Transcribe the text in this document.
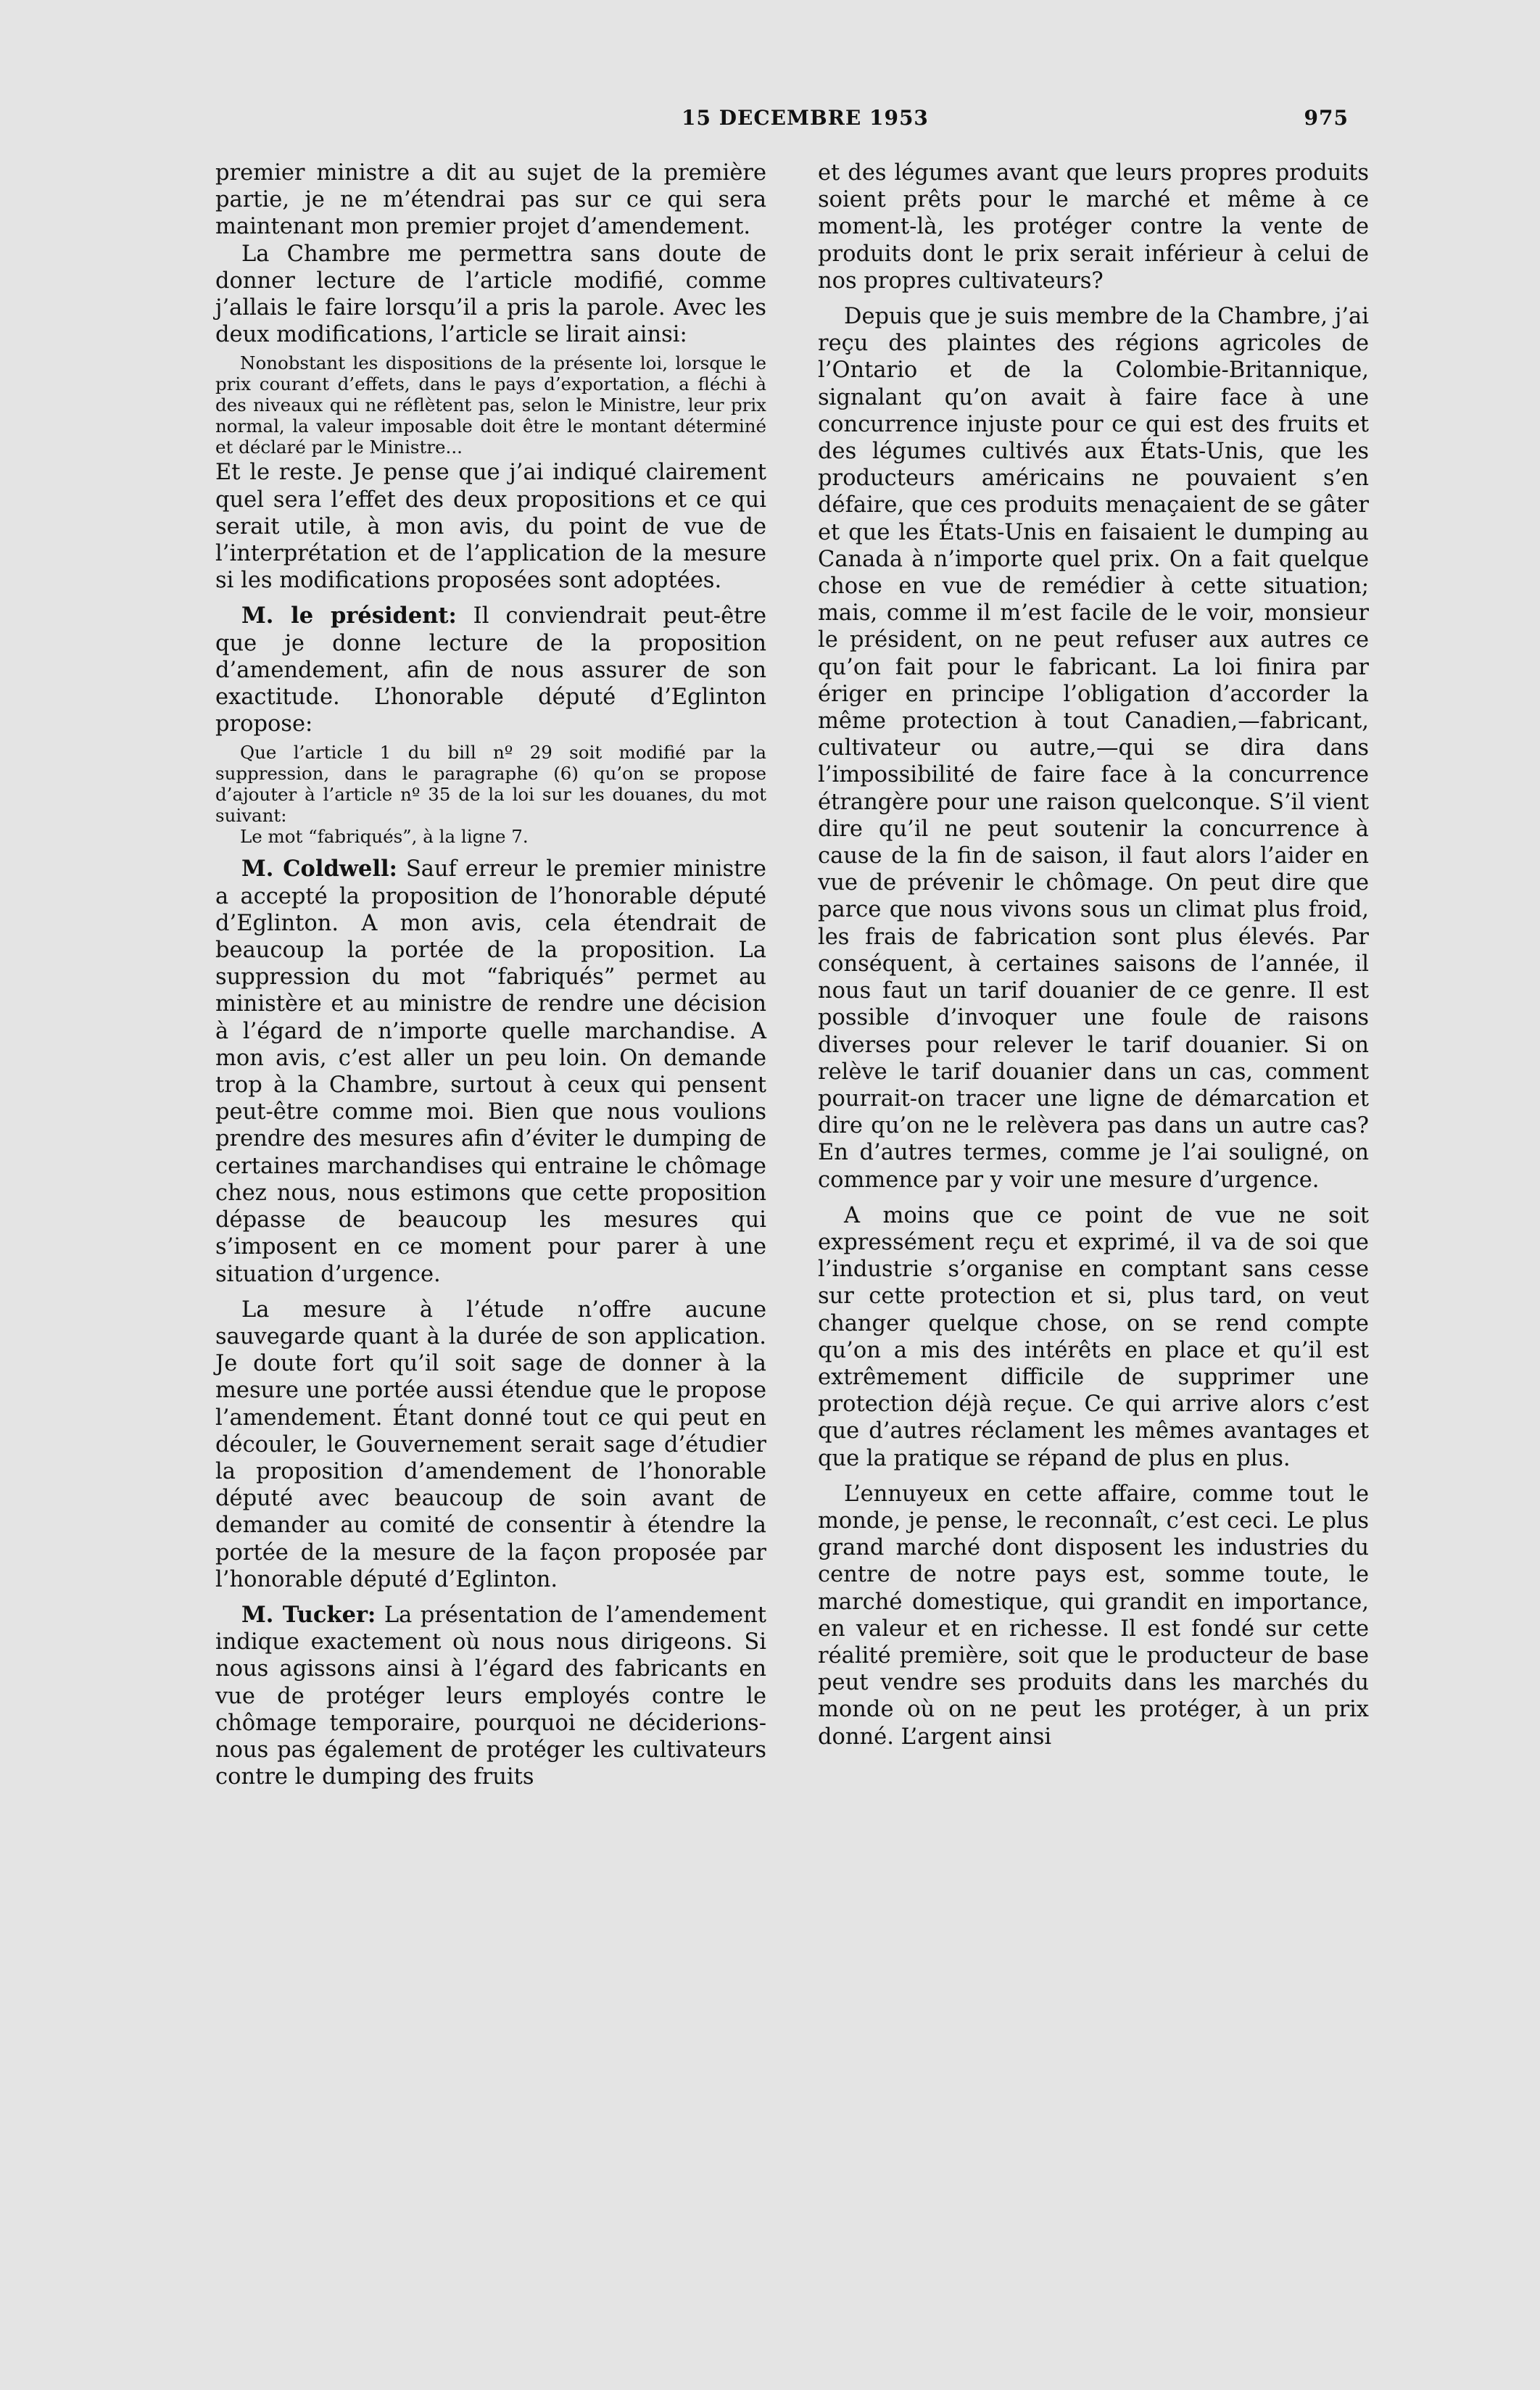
15 DECEMBRE 1953	975

premier ministre a dit au sujet de la première partie, je ne m’étendrai pas sur ce qui sera maintenant mon premier projet d’amendement.

La Chambre me permettra sans doute de donner lecture de l’article modifié, comme j’allais le faire lorsqu’il a pris la parole. Avec les deux modifications, l’article se lirait ainsi:

Nonobstant les dispositions de la présente loi, lorsque le prix courant d’effets, dans le pays d’exportation, a fléchi à des niveaux qui ne réflètent pas, selon le Ministre, leur prix normal, la valeur imposable doit être le montant déterminé et déclaré par le Ministre...

Et le reste. Je pense que j’ai indiqué clairement quel sera l’effet des deux propositions et ce qui serait utile, à mon avis, du point de vue de l’interprétation et de l’application de la mesure si les modifications proposées sont adoptées.

M. le président: Il conviendrait peut-être que je donne lecture de la proposition d’amendement, afin de nous assurer de son exactitude. L’honorable député d’Eglinton propose:

Que l’article 1 du bill nº 29 soit modifié par la suppression, dans le paragraphe (6) qu’on se propose d’ajouter à l’article nº 35 de la loi sur les douanes, du mot suivant:

Le mot “fabriqués”, à la ligne 7.

M. Coldwell: Sauf erreur le premier ministre a accepté la proposition de l’honorable député d’Eglinton. A mon avis, cela étendrait de beaucoup la portée de la proposition. La suppression du mot “fabriqués” permet au ministère et au ministre de rendre une décision à l’égard de n’importe quelle marchandise. A mon avis, c’est aller un peu loin. On demande trop à la Chambre, surtout à ceux qui pensent peut-être comme moi. Bien que nous voulions prendre des mesures afin d’éviter le dumping de certaines marchandises qui entraine le chômage chez nous, nous estimons que cette proposition dépasse de beaucoup les mesures qui s’imposent en ce moment pour parer à une situation d’urgence.

La mesure à l’étude n’offre aucune sauvegarde quant à la durée de son application. Je doute fort qu’il soit sage de donner à la mesure une portée aussi étendue que le propose l’amendement. Étant donné tout ce qui peut en découler, le Gouvernement serait sage d’étudier la proposition d’amendement de l’honorable député avec beaucoup de soin avant de demander au comité de consentir à étendre la portée de la mesure de la façon proposée par l’honorable député d’Eglinton.

M. Tucker: La présentation de l’amendement indique exactement où nous nous dirigeons. Si nous agissons ainsi à l’égard des fabricants en vue de protéger leurs employés contre le chômage temporaire, pourquoi ne déciderions-nous pas également de protéger les cultivateurs contre le dumping des fruits

et des légumes avant que leurs propres produits soient prêts pour le marché et même à ce moment-là, les protéger contre la vente de produits dont le prix serait inférieur à celui de nos propres cultivateurs?

Depuis que je suis membre de la Chambre, j’ai reçu des plaintes des régions agricoles de l’Ontario et de la Colombie-Britannique, signalant qu’on avait à faire face à une concurrence injuste pour ce qui est des fruits et des légumes cultivés aux États-Unis, que les producteurs américains ne pouvaient s’en défaire, que ces produits menaçaient de se gâter et que les États-Unis en faisaient le dumping au Canada à n’importe quel prix. On a fait quelque chose en vue de remédier à cette situation; mais, comme il m’est facile de le voir, monsieur le président, on ne peut refuser aux autres ce qu’on fait pour le fabricant. La loi finira par ériger en principe l’obligation d’accorder la même protection à tout Canadien,—fabricant, cultivateur ou autre,—qui se dira dans l’impossibilité de faire face à la concurrence étrangère pour une raison quelconque. S’il vient dire qu’il ne peut soutenir la concurrence à cause de la fin de saison, il faut alors l’aider en vue de prévenir le chômage. On peut dire que parce que nous vivons sous un climat plus froid, les frais de fabrication sont plus élevés. Par conséquent, à certaines saisons de l’année, il nous faut un tarif douanier de ce genre. Il est possible d’invoquer une foule de raisons diverses pour relever le tarif douanier. Si on relève le tarif douanier dans un cas, comment pourrait-on tracer une ligne de démarcation et dire qu’on ne le relèvera pas dans un autre cas? En d’autres termes, comme je l’ai souligné, on commence par y voir une mesure d’urgence.

A moins que ce point de vue ne soit expressément reçu et exprimé, il va de soi que l’industrie s’organise en comptant sans cesse sur cette protection et si, plus tard, on veut changer quelque chose, on se rend compte qu’on a mis des intérêts en place et qu’il est extrêmement difficile de supprimer une protection déjà reçue. Ce qui arrive alors c’est que d’autres réclament les mêmes avantages et que la pratique se répand de plus en plus.

L’ennuyeux en cette affaire, comme tout le monde, je pense, le reconnaît, c’est ceci. Le plus grand marché dont disposent les industries du centre de notre pays est, somme toute, le marché domestique, qui grandit en importance, en valeur et en richesse. Il est fondé sur cette réalité première, soit que le producteur de base peut vendre ses produits dans les marchés du monde où on ne peut les protéger, à un prix donné. L’argent ainsi
